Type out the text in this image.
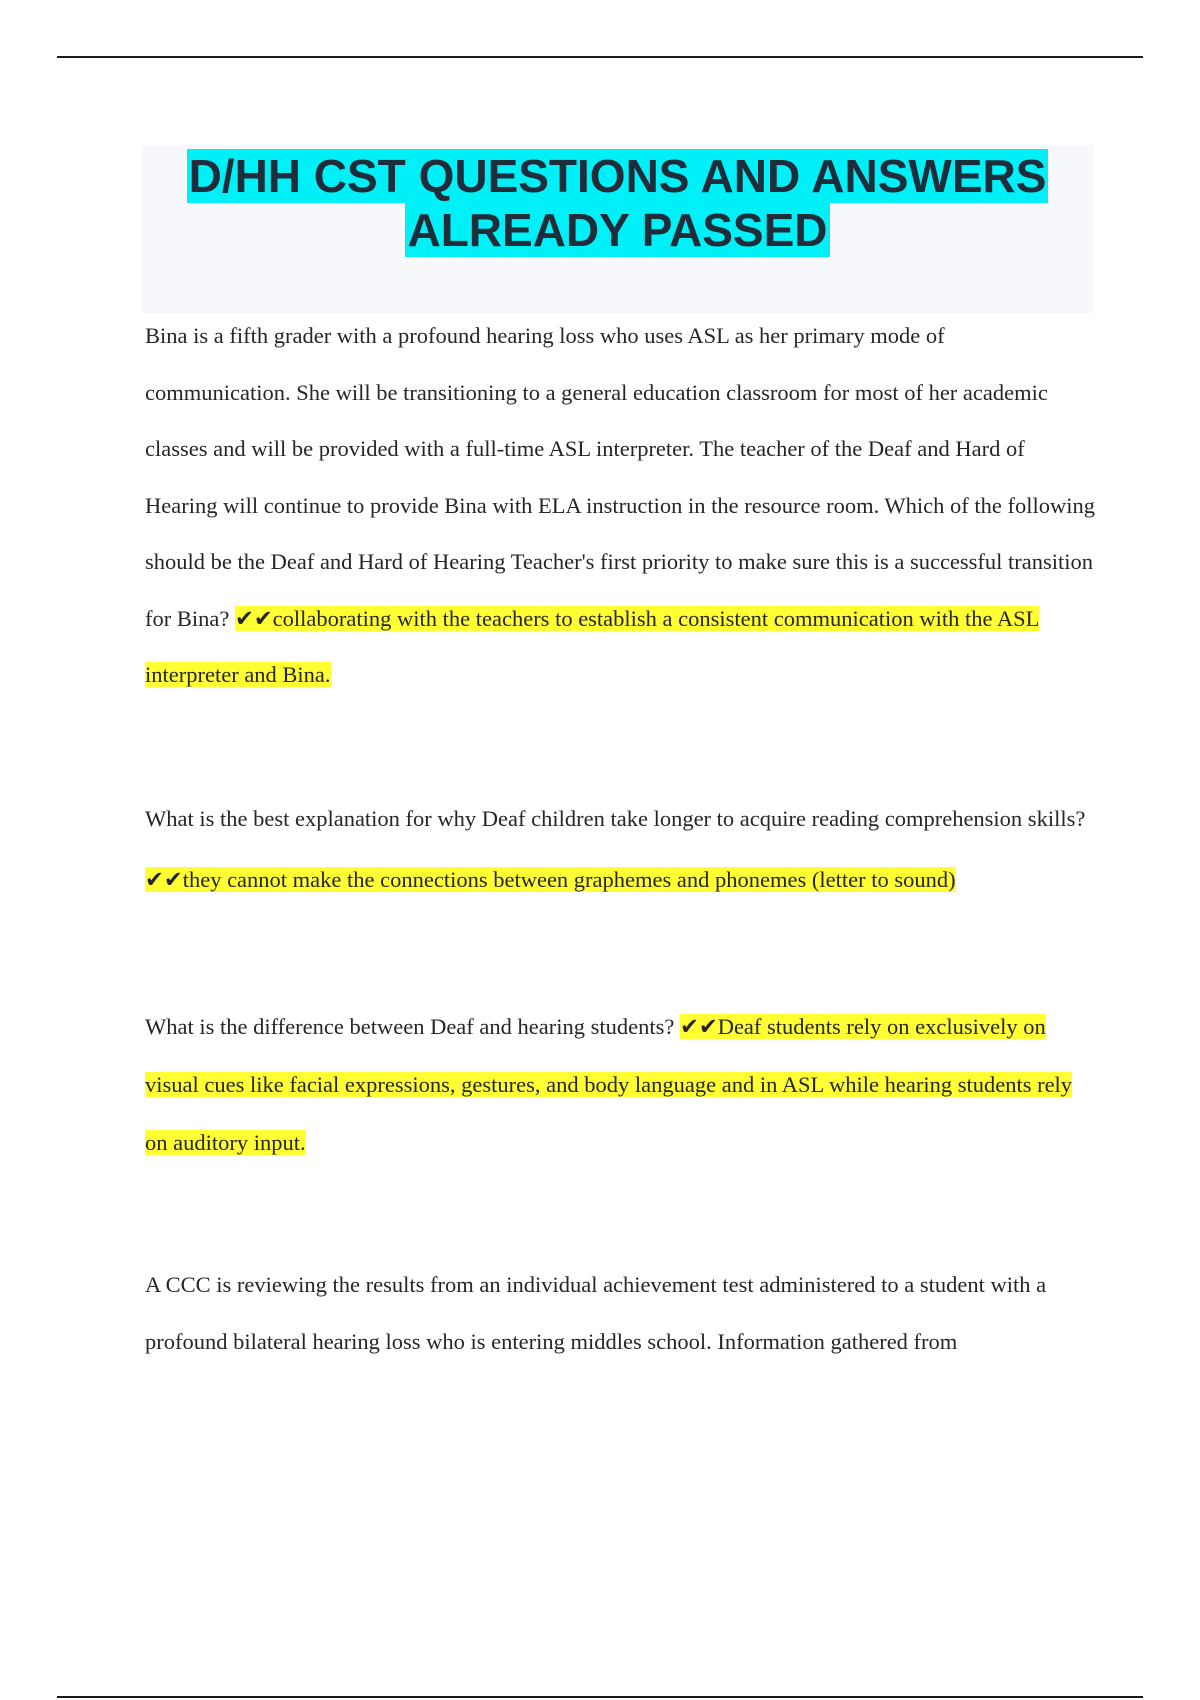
D/HH CST QUESTIONS AND ANSWERS
ALREADY PASSED

Bina is a fifth grader with a profound hearing loss who uses ASL as her primary mode of communication. She will be transitioning to a general education classroom for most of her academic classes and will be provided with a full-time ASL interpreter. The teacher of the Deaf and Hard of Hearing will continue to provide Bina with ELA instruction in the resource room. Which of the following should be the Deaf and Hard of Hearing Teacher's first priority to make sure this is a successful transition for Bina? ✔✔collaborating with the teachers to establish a consistent communication with the ASL interpreter and Bina.

What is the best explanation for why Deaf children take longer to acquire reading comprehension skills? ✔✔they cannot make the connections between graphemes and phonemes (letter to sound)

What is the difference between Deaf and hearing students? ✔✔Deaf students rely on exclusively on visual cues like facial expressions, gestures, and body language and in ASL while hearing students rely on auditory input.

A CCC is reviewing the results from an individual achievement test administered to a student with a profound bilateral hearing loss who is entering middles school. Information gathered from
